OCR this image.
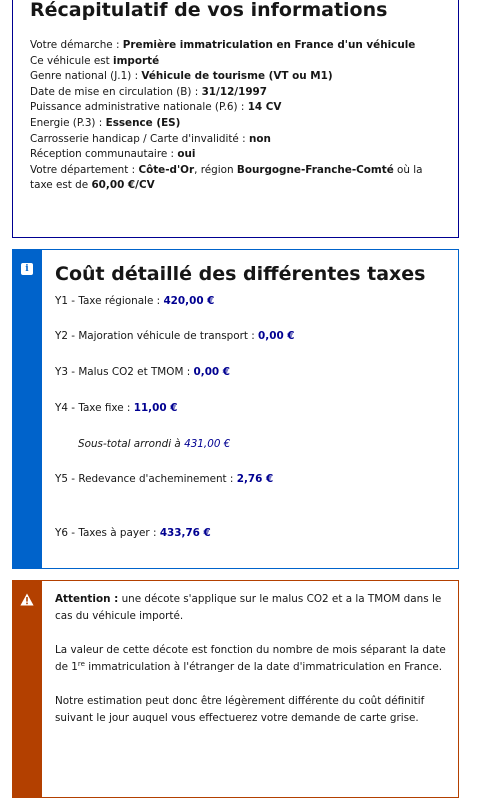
Récapitulatif de vos informations
Votre démarche : Première immatriculation en France d'un véhicule
Ce véhicule est importé
Genre national (J.1) : Véhicule de tourisme (VT ou M1)
Date de mise en circulation (B) : 31/12/1997
Puissance administrative nationale (P.6) : 14 CV
Energie (P.3) : Essence (ES)
Carrosserie handicap / Carte d'invalidité : non
Réception communautaire : oui
Votre département : Côte-d'Or, région Bourgogne-Franche-Comté où la taxe est de 60,00 €/CV
i Coût détaillé des différentes taxes
Y1 - Taxe régionale : 420,00 €
Y2 - Majoration véhicule de transport : 0,00 €
Y3 - Malus CO2 et TMOM : 0,00 €
Y4 - Taxe fixe : 11,00 €
Sous-total arrondi à 431,00 €
Y5 - Redevance d'acheminement : 2,76 €
Y6 - Taxes à payer : 433,76 €

Attention : une décote s'applique sur le malus CO2 et a la TMOM dans le cas du véhicule importé.

La valeur de cette décote est fonction du nombre de mois séparant la date de 1re immatriculation à l'étranger de la date d'immatriculation en France.

Notre estimation peut donc être légèrement différente du coût définitif suivant le jour auquel vous effectuerez votre demande de carte grise.
